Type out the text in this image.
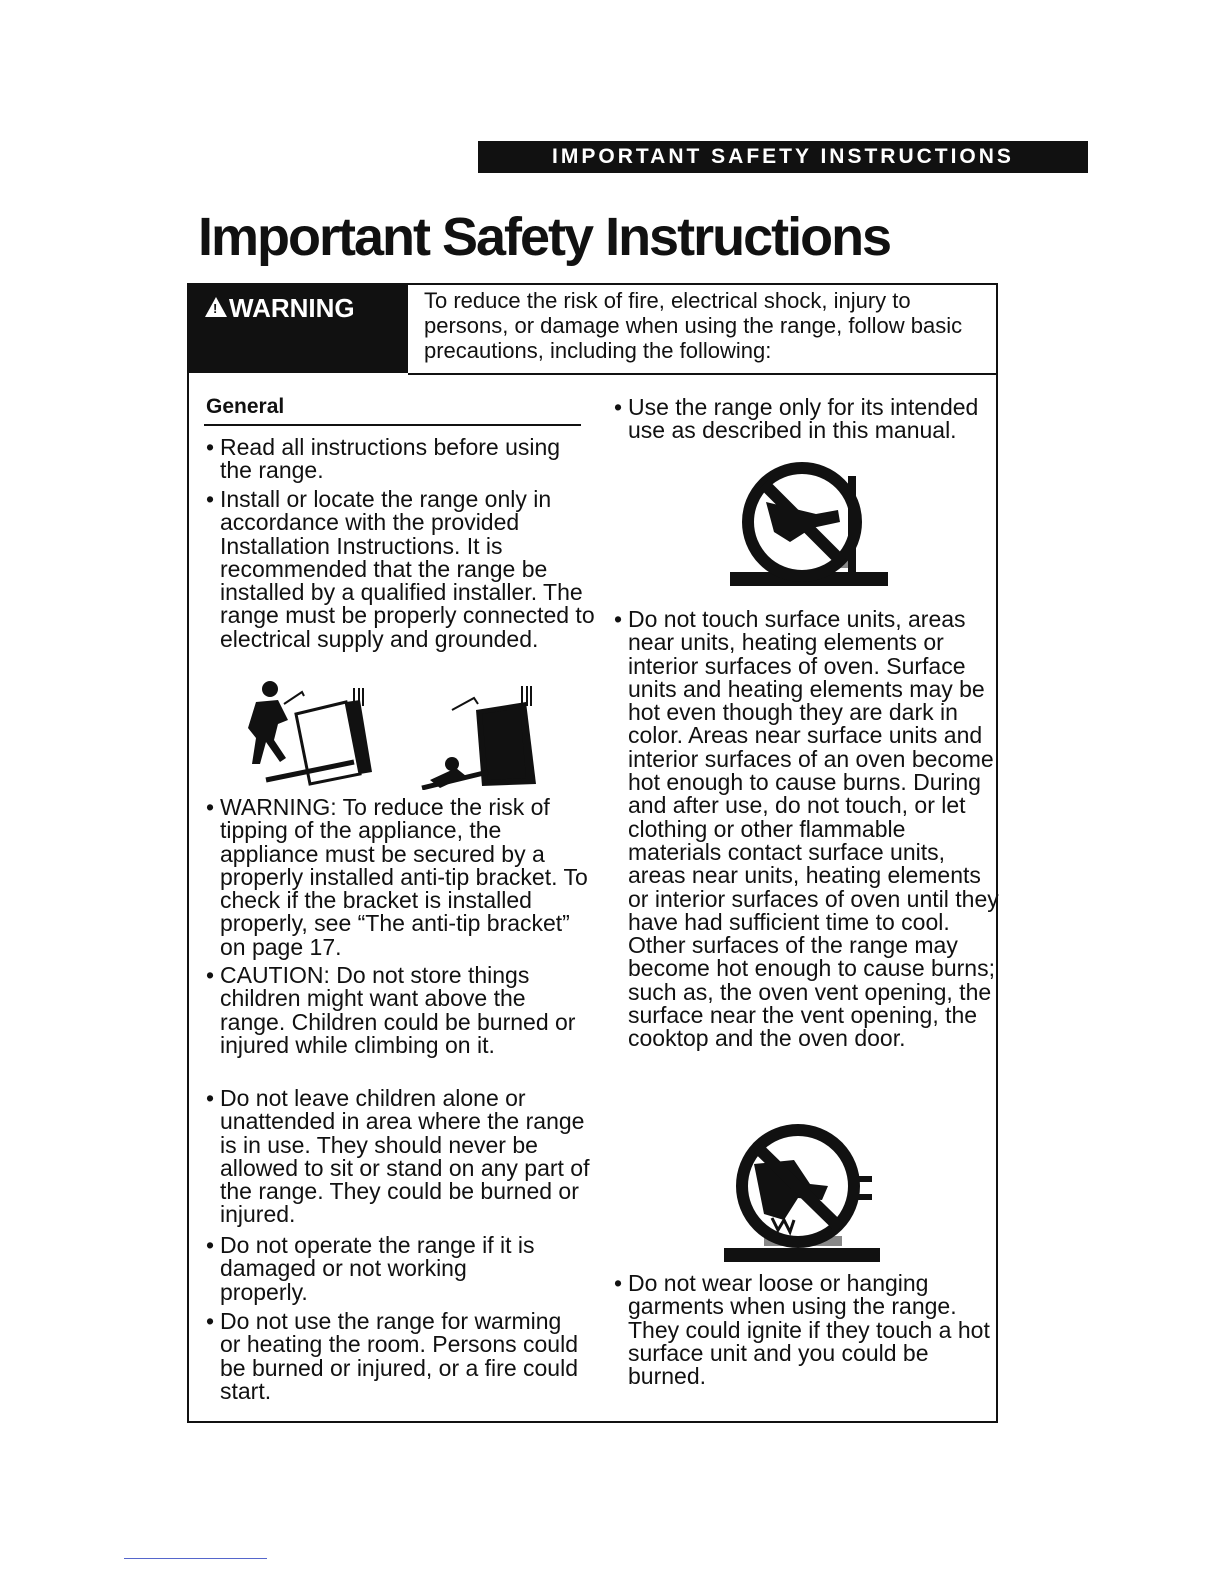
IMPORTANT SAFETY INSTRUCTIONS
Important Safety Instructions
!
WARNING	To reduce the risk of fire, electrical shock, injury to persons, or damage when using the range, follow basic precautions, including the following:
General
• Read all instructions before using the range.
• Install or locate the range only in accordance with the provided Installation Instructions. It is recommended that the range be installed by a qualified installer. The range must be properly connected to electrical supply and grounded.
• WARNING: To reduce the risk of tipping of the appliance, the appliance must be secured by a properly installed anti-tip bracket. To check if the bracket is installed properly, see “The anti-tip bracket” on page 17.
• CAUTION: Do not store things children might want above the range. Children could be burned or injured while climbing on it.
• Do not leave children alone or unattended in area where the range is in use. They should never be allowed to sit or stand on any part of the range. They could be burned or injured.
• Do not operate the range if it is damaged or not working properly.
• Do not use the range for warming or heating the room. Persons could be burned or injured, or a fire could start.
• Use the range only for its intended use as described in this manual.
• Do not touch surface units, areas near units, heating elements or interior surfaces of oven. Surface units and heating elements may be hot even though they are dark in color. Areas near surface units and interior surfaces of an oven become hot enough to cause burns. During and after use, do not touch, or let clothing or other flammable materials contact surface units, areas near units, heating elements or interior surfaces of oven until they have had sufficient time to cool. Other surfaces of the range may become hot enough to cause burns; such as, the oven vent opening, the surface near the vent opening, the cooktop and the oven door.
• Do not wear loose or hanging garments when using the range. They could ignite if they touch a hot surface unit and you could be burned.
